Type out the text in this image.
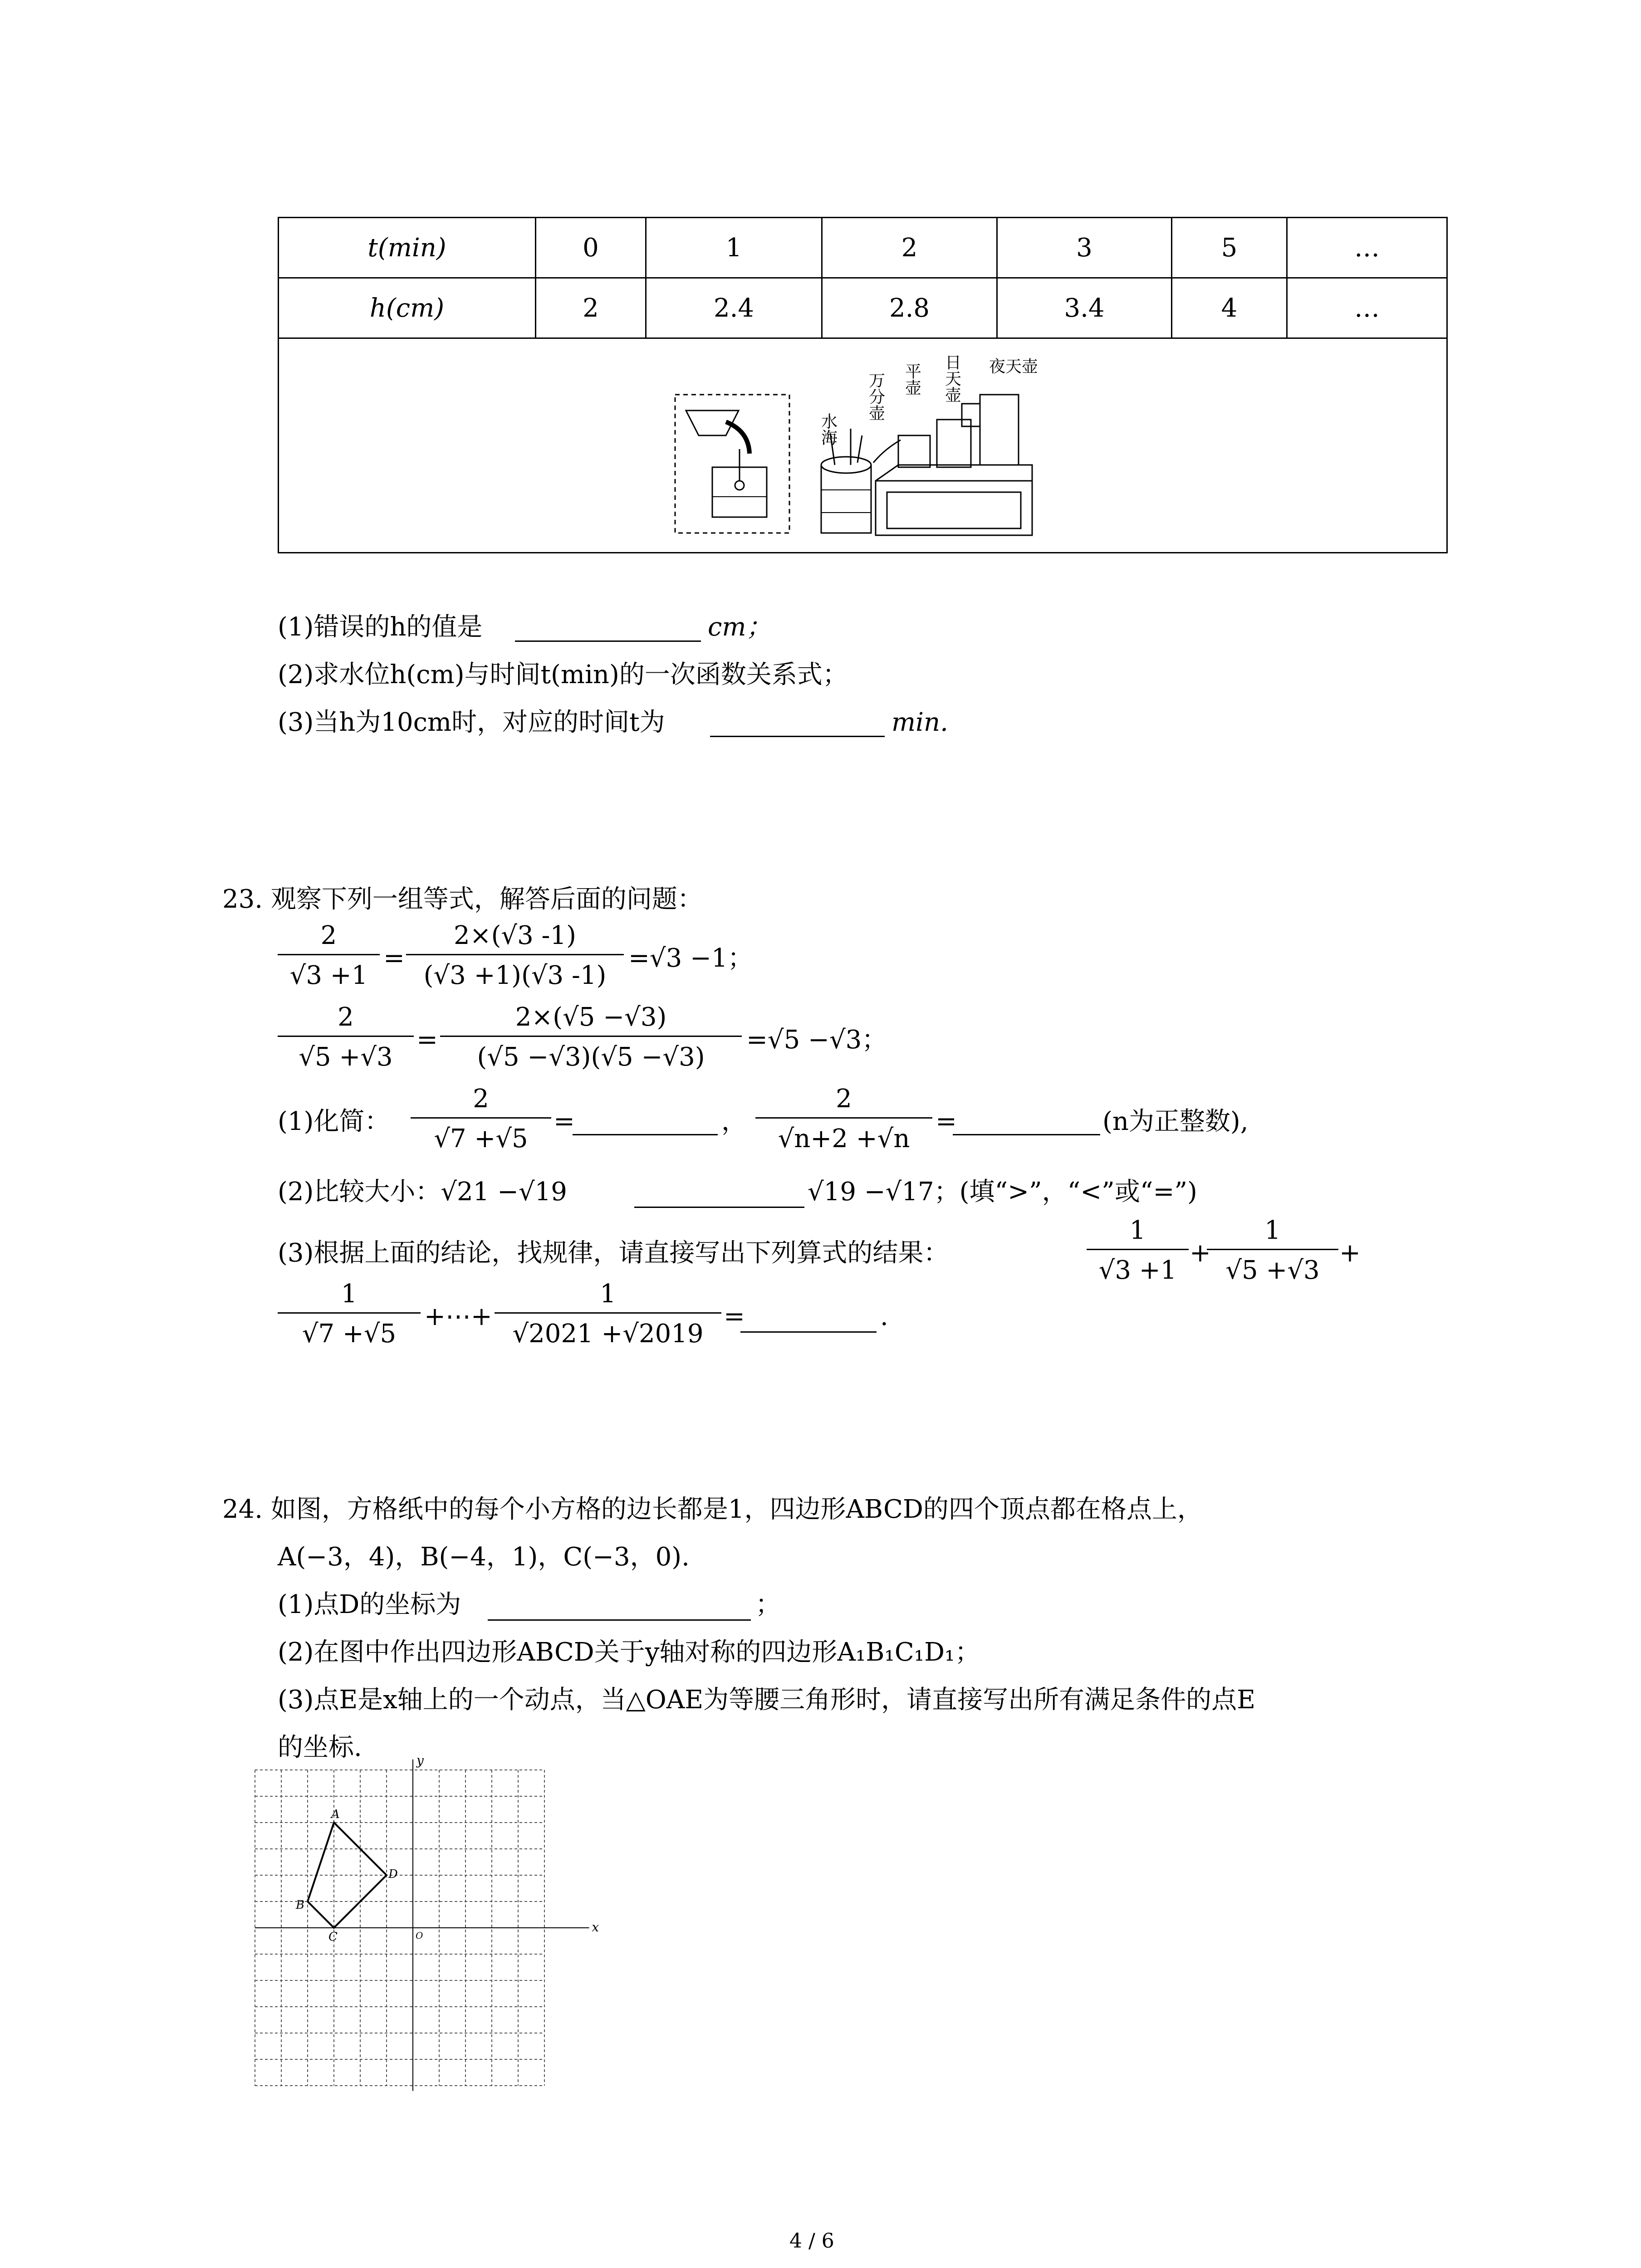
t(min)	0	1	2	3	5	…
h(cm)	2	2.4	2.8	3.4	4	…

水海
万分壶 平壶 日天壶 夜天壶
(1)错误的h的值是	cm；
(2)求水位h(cm)与时间t(min)的一次函数关系式；
(3)当h为10cm时，对应的时间t为	min.
23. 观察下列一组等式，解答后面的问题：
2
√3 +1
=
2×(√3 -1)
(√3 +1)(√3 -1)
=√3 −1；
2
√5 +√3
=
2×(√5 −√3)
(√5 −√3)(√5 −√3)
=√5 −√3；
(1)化简：
2
√7 +√5
=	，
2
√n+2 +√n
=	(n为正整数),
(2)比较大小：√21 −√19	√19 −√17；(填“>”，“<”或“=”)
(3)根据上面的结论，找规律，请直接写出下列算式的结果：
1
√3 +1
+
1
√5 +√3
+
1
√7 +√5
+⋯+
1
√2021 +√2019
=	.
24. 如图，方格纸中的每个小方格的边长都是1，四边形ABCD的四个顶点都在格点上，
A(−3，4)，B(−4，1)，C(−3，0).
(1)点D的坐标为	；
(2)在图中作出四边形ABCD关于y轴对称的四边形A₁B₁C₁D₁；
(3)点E是x轴上的一个动点，当△OAE为等腰三角形时，请直接写出所有满足条件的点E
的坐标.
x
y
O
A
B
C
D
4 / 6
